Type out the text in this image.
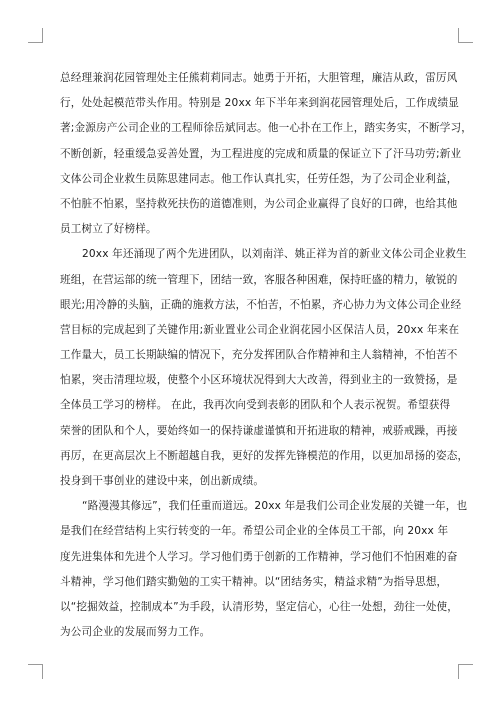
总经理兼润花园管理处主任熊莉莉同志。她勇于开拓，大胆管理，廉洁从政，雷厉风
行，处处起模范带头作用。特别是 20xx 年下半年来到润花园管理处后，工作成绩显
著;金源房产公司企业的工程师徐岳斌同志。他一心扑在工作上，踏实务实，不断学习，
不断创新，轻重缓急妥善处置，为工程进度的完成和质量的保证立下了汗马功劳;新业
文体公司企业救生员陈思建同志。他工作认真扎实，任劳任怨，为了公司企业利益，
不怕脏不怕累，坚持救死扶伤的道德准则，为公司企业赢得了良好的口碑，也给其他
员工树立了好榜样。

20xx 年还涌现了两个先进团队，以刘南洋、姚正祥为首的新业文体公司企业救生
班组，在营运部的统一管理下，团结一致，客服各种困难，保持旺盛的精力，敏锐的
眼光;用冷静的头脑，正确的施救方法，不怕苦，不怕累，齐心协力为文体公司企业经
营目标的完成起到了关键作用;新业置业公司企业润花园小区保洁人员，20xx 年来在
工作量大，员工长期缺编的情况下，充分发挥团队合作精神和主人翁精神，不怕苦不
怕累，突击清理垃圾，使整个小区环境状况得到大大改善，得到业主的一致赞扬，是
全体员工学习的榜样。 在此，我再次向受到表彰的团队和个人表示祝贺。希望获得
荣誉的团队和个人，要始终如一的保持谦虚谨慎和开拓进取的精神，戒骄戒躁，再接
再厉，在更高层次上不断超越自我，更好的发挥先锋模范的作用，以更加昂扬的姿态，
投身到干事创业的建设中来，创出新成绩。

“路漫漫其修远”，我们任重而道远。20xx 年是我们公司企业发展的关键一年，也
是我们在经营结构上实行转变的一年。希望公司企业的全体员工干部，向 20xx 年
度先进集体和先进个人学习。学习他们勇于创新的工作精神，学习他们不怕困难的奋
斗精神，学习他们踏实勤勉的工实干精神。以“团结务实，精益求精”为指导思想，
以“挖掘效益，控制成本”为手段，认清形势，坚定信心，心往一处想，劲往一处使，
为公司企业的发展而努力工作。
